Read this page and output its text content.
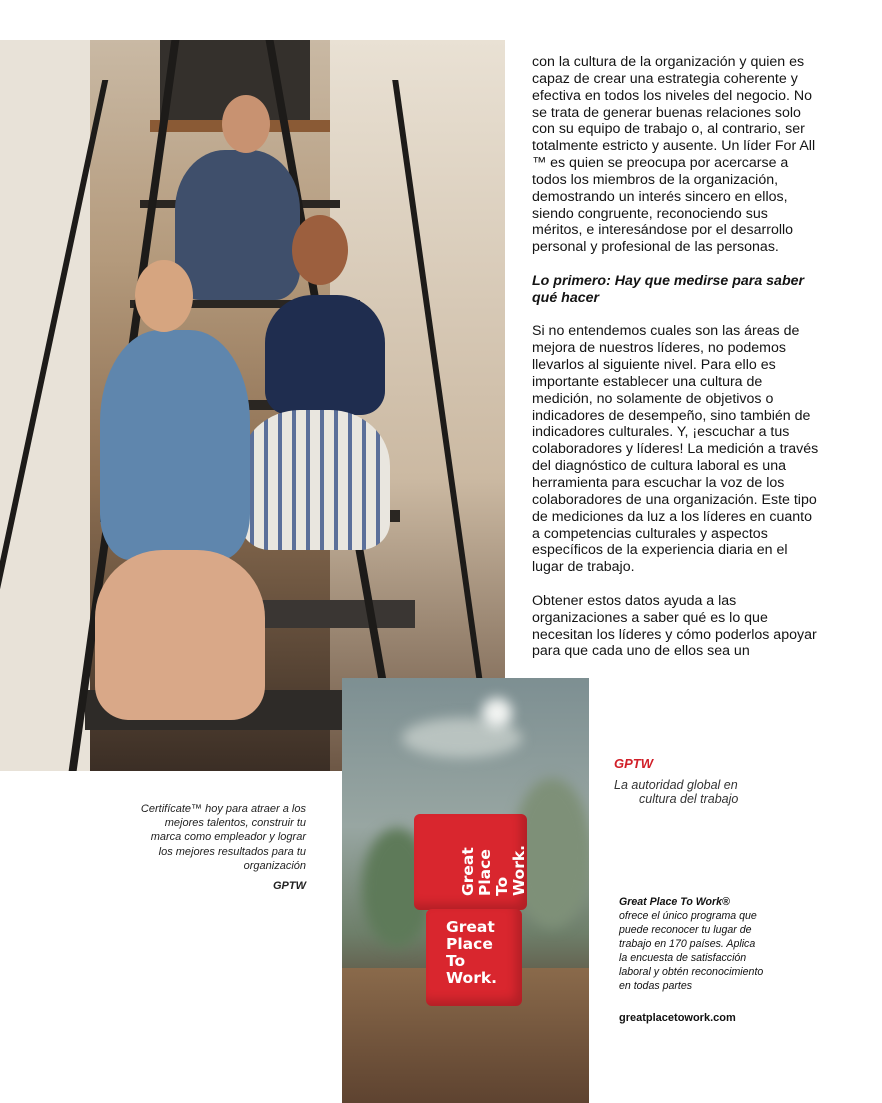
con la cultura de la organización y quien es capaz de crear una estrategia coherente y efectiva en todos los niveles del negocio. No se trata de generar buenas relaciones solo con su equipo de trabajo o, al contrario, ser totalmente estricto y ausente. Un líder For All ™ es quien se preocupa por acercarse a todos los miembros de la organización, demostrando un interés sincero en ellos, siendo congruente, reconociendo sus méritos, e interesándose por el desarrollo personal y profesional de las personas.

Lo primero: Hay que medirse para saber qué hacer

Si no entendemos cuales son las áreas de mejora de nuestros líderes, no podemos llevarlos al siguiente nivel. Para ello es importante establecer una cultura de medición, no solamente de objetivos o indicadores de desempeño, sino también de indicadores culturales. Y, ¡escuchar a tus colaboradores y líderes! La medición a través del diagnóstico de cultura laboral es una herramienta para escuchar la voz de los colaboradores de una organización. Este tipo de mediciones da luz a los líderes en cuanto a competencias culturales y aspectos específicos de la experiencia diaria en el lugar de trabajo.

Obtener estos datos ayuda a las organizaciones a saber qué es lo que necesitan los líderes y cómo poderlos apoyar para que cada uno de ellos sea un

Certifícate™ hoy para atraer a los mejores talentos, construir tu marca como empleador y lograr los mejores resultados para tu organización
GPTW	Great
Place
To
Work.
Great
Place
To
Work.
GPTW
La autoridad global en
cultura del trabajo
Great Place To Work®
ofrece el único programa que puede reconocer tu lugar de trabajo en 170 países. Aplica la encuesta de satisfacción laboral y obtén reconocimiento en todas partes
greatplacetowork.com
